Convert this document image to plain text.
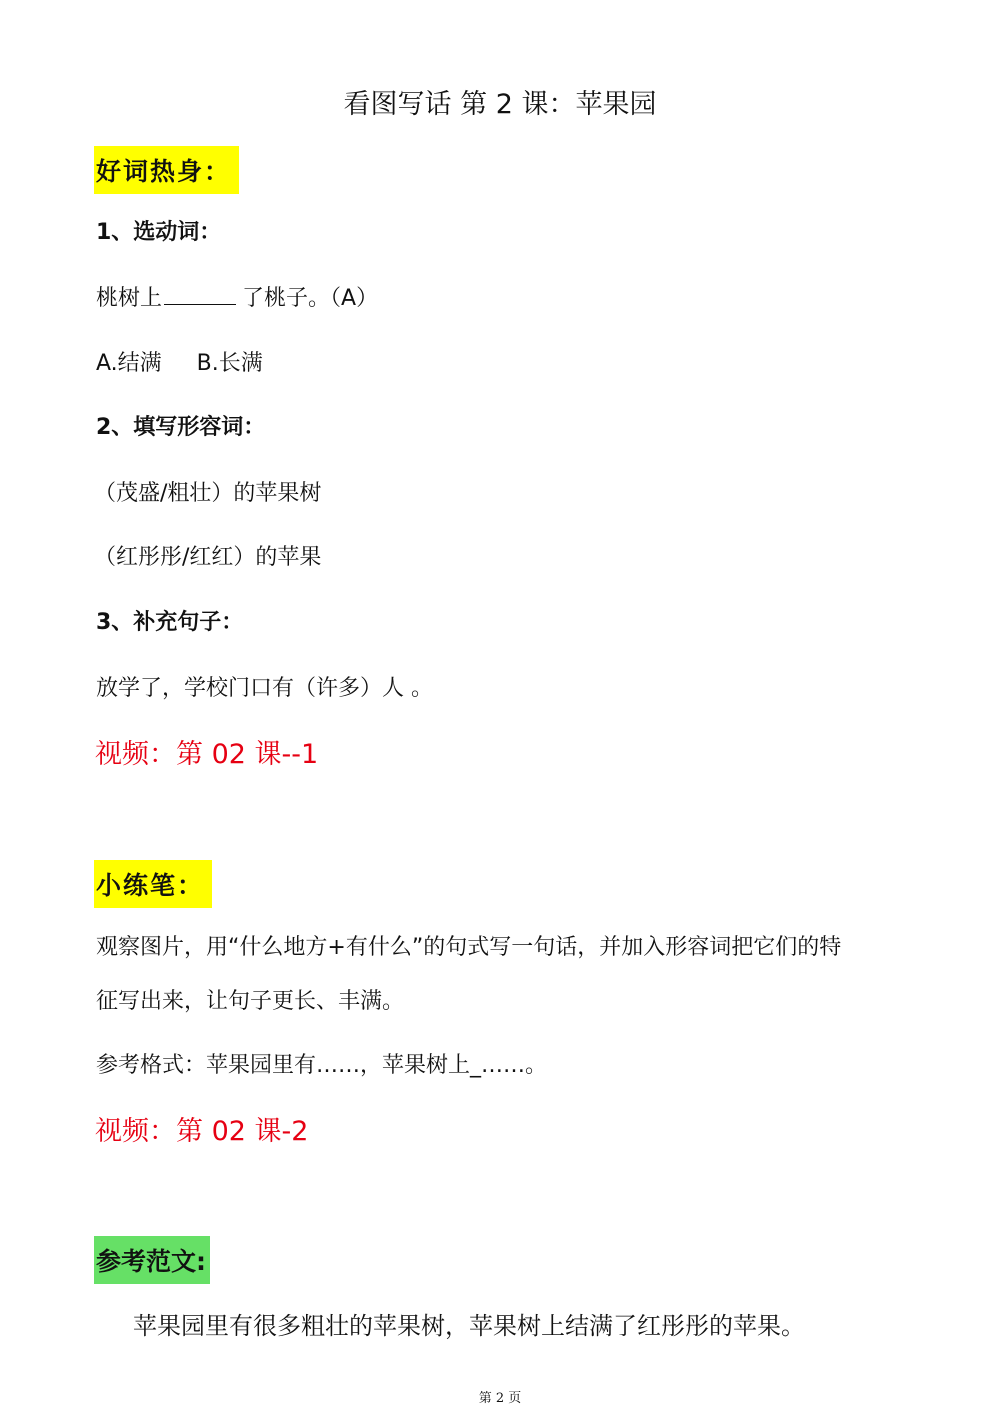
看图写话 第 2 课：苹果园
好词热身：
1、选动词：
桃树上	了桃子。（A）
A.结满     B.长满
2、填写形容词：
（茂盛/粗壮）的苹果树
（红彤彤/红红）的苹果
3、补充句子：
放学了，学校门口有（许多）人 。
视频：第 02 课--1
小练笔：
观察图片，用“什么地方+有什么”的句式写一句话，并加入形容词把它们的特
征写出来，让句子更长、丰满。
参考格式：苹果园里有……，苹果树上_……。
视频：第 02 课-2
参考范文:
苹果园里有很多粗壮的苹果树，苹果树上结满了红彤彤的苹果。
第 2 页
